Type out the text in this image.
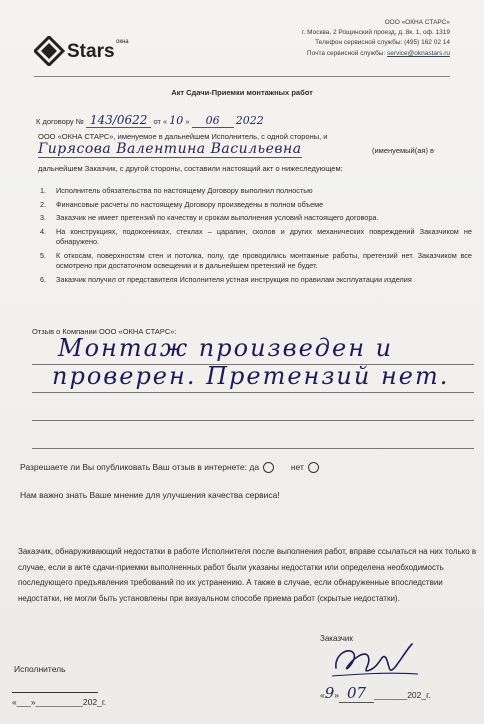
Stars окна
ООО «ОКНА СТАРС»
г. Москва, 2 Рощинский проезд, д. 8к. 1, оф. 1319
Телефон сервисной службы: (495) 162 02 14
Почта сервисной службы: service@oknastars.ru
Акт Сдачи-Приемки монтажных работ
К договору № 143/0622 от « 10 » 06 2022
ООО «ОКНА СТАРС», именуемое в дальнейшем Исполнитель, с одной стороны, и
Гирясова Валентина Васильевна	(именуемый(ая) в
дальнейшем Заказчик, с другой стороны, составили настоящий акт о нижеследующем:
1.	Исполнитель обязательства по настоящему Договору выполнил полностью
2.	Финансовые расчеты по настоящему Договору произведены в полном объеме
3.	Заказчик не имеет претензий по качеству и срокам выполнения условий настоящего договора.
4.	На конструкциях, подоконниках, стеклах – царапин, сколов и других механических повреждений Заказчиком не обнаружено.
5.	К откосам, поверхностям стен и потолка, полу, где проводились монтажные работы, претензий нет. Заказчиком все осмотрено при достаточном освещении и в дальнейшем претензий не будет.
6.	Заказчик получил от представителя Исполнителя устная инструкция по правилам эксплуатации изделия
Отзыв о Компании ООО «ОКНА СТАРС»:
Монтаж произведен и
проверен. Претензий нет.
Разрешаете ли Вы опубликовать Ваш отзыв в интернете: да	нет
Нам важно знать Ваше мнение для улучшения качества сервиса!
Заказчик, обнаруживающий недостатки в работе Исполнителя после выполнения работ, вправе ссылаться на них только в случае, если в акте сдачи-приемки выполненных работ были указаны недостатки или определена необходимость последующего предъявления требований по их устранению. А также в случае, если обнаруженные впоследствии недостатки, не могли быть установлены при визуальном способе приема работ (скрытые недостатки).
Исполнитель
«___»__________202_г.
Заказчик
«9» 07 _______202_г.
